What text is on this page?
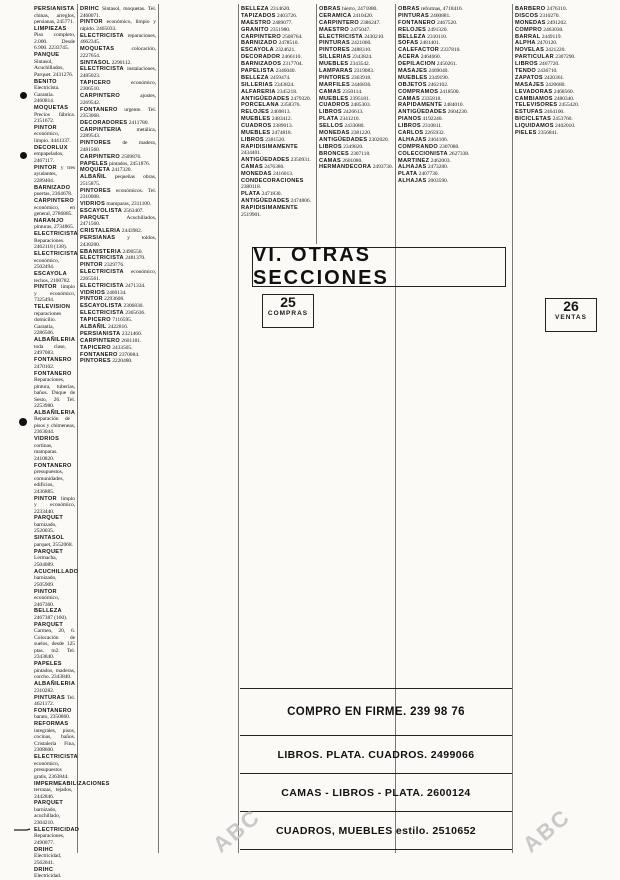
PERSIANISTA chinas, arreglos, persianas, 245771.

LIMPIEZAS Piso completo, 2.000. Desde 6.900. 2233745.

PANQUE Sintasol, Acuchillados, Parquet. 2431276.

BENITO Electricista. Garantía. 2460814.

MOQUETAS Precios fábrica. 2151672.

PINTOR económico, limpio. 4441337.

DECORLUX empapelados, 2467117.

PINTOR y tres ayudantes, 2289404.

BARNIZADO puertas, 2364678.

CARPINTERO económico, en general, 2786885.

NARANJO pinturas, 2734865.

ELECTRICISTA Reparaciones. 2462118 (138).

ELECTRICISTA económico, 2502494.

ESCAYOLA techos, 2100782.

PINTOR limpio y económico, 7325494.

TELEVISION reparaciones domicilio. Garantía, 2286506.

ALBAÑILERIA toda clase, 2497083.

FONTANERO 2470102.

FONTANERO Reparaciones, pintura, tuberías, baños. Duque de Sesto, 26. Tel. 2253980.

ALBAÑILERIA Reparación de pisos y chimeneas, 2363044.

VIDRIOS cortinas, mamparas. 2410820.

FONTANERO presupuestos, comunidades, edificios, 2436885.

PINTOR limpio y económico, 2233440.

PARQUET barnizado, 2520035.

SINTASOL parquet, 2552068.

PARQUET Lermacha, 2504089.

ACUCHILLADO barnizado, 2505909.

PINTOR económico, 2467360.

BELLEZA 2467387 (160).

PARQUET Carmen, 20, 6. Colocación de suelos, desde 125 ptas. m2. Tel. 2343840.

PAPELES pintados, maderas, corcho. 2343840.

ALBAÑILERIA 2310282.

PINTURAS Tel. 4621172.

FONTANERO barato, 2350860.

REFORMAS integrales, pisos, cocinas, baños. Cristalería Fina, 2308600.

ELECTRICISTA económico, presupuestos gratis, 2363844.

IMPERMEABILIZACIONES terrazas, tejados, 2442846.

PARQUET barnizado, acuchillado, 2304210.

ELECTRICIDAD Reparaciones, 2490077.

DRIHC Electricidad, 2562041.

DRIHC Electricidad.

DRIHC Sintasol, moquetas. Tel. 2460071.

PINTOR económico, limpio y rápido. 2465033.

ELECTRICISTA reparaciones, 4662345.

MOQUETAS colocación, 2227654.

SINTASOL 2290112.

ELECTRICISTA instalaciones, 2485023.

TAPICERO económico, 2306510.

CARPINTERO ajustes, 2269542.

FONTANERO urgente. Tel. 2353068.

DECORADORES 2411780.

CARPINTERIA metálica, 2289543.

PINTORES de madera, 2481560.

CARPINTERO 2509876.

PAPELES pintados, 2451876.

MOQUETA 2417320.

ALBAÑIL pequeñas obras, 2515875.

PINTORES económicos. Tel. 2310008.

VIDRIOS mamparas, 2311100.

ESCAYOLISTA 2563407.

PARQUET Acuchillados, 2471560.

CRISTALERIA 2443982.

PERSIANAS y toldos, 2438200.

EBANISTERIA 2490550.

ELECTRICISTA 2481370.

PINTOR 2329776.

ELECTRICISTA económico, 2265561.

ELECTRICISTA 2471334.

VIDRIOS 2460134.

PINTOR 2293608.

ESCAYOLISTA 2306830.

ELECTRICISTA 2365636.

TAPICERO 7116595.

ALBAÑIL 2422816.

PERSIANISTA 2321460.

CARPINTERO 2601181.

TAPICERO 2433505.

FONTANERO 2370084.

PINTORES 2220480.

BELLEZA 2314620.

TAPIZADOS 2403726.

MAESTRO 2489077.

GRANITO 2351980.

CARPINTERO 2508764.

BARNIZADO 2478510.

ESCAYOLA 2324621.

DECORADOR 2466110.

BARNIZADOS 2317704.

PAPELISTA 2346040.

BELLEZA 2459474.

SILLERIAS 2343824.

ALFARERIA 2345218.

ANTIGÜEDADES 2479320.

PORCELANA 2358376.

RELOJES 2469813.

MUEBLES 2483412.

CUADROS 2389013.

MUEBLES 2474818.

LIBROS 2381520.

RAPIDISIMAMENTE 2434401.

ANTIGÜEDADES 2350931.

CAMAS 2476380.

MONEDAS 2416013.

CONDECORACIONES 2380118.

PLATA 2471830.

ANTIGÜEDADES 2474806.

RAPIDISIMAMENTE 2519901.

OBRAS hierro, 2471880.

CERAMICA 2410420.

CARPINTERO 2386247.

MAESTRO 2475047.

ELECTRICISTA 2430210.

PINTURAS 2421060.

PINTORES 2488310.

SILLERIAS 2343824.

MUEBLES 2343542.

LAMPARAS 2319083.

PINTORES 2363918.

MARFILES 2446836.

CAMAS 2350114.

MUEBLES 2395181.

CUADROS 2485303.

LIBROS 2426613.

PLATA 2341210.

SELLOS 2433080.

MONEDAS 2381220.

ANTIGÜEDADES 2302020.

LIBROS 2349820.

BRONCES 2307118.

CAMAS 2601080.

HERMANDECORA 2493730.

OBRAS reformas, 4718416.

PINTURAS 2460881.

FONTANERO 2467520.

RELOJES 2491320.

BELLEZA 2310110.

SOFAS 2481401.

CALEFACTOR 2337810.

ACERA 2464660.

DEPILACION 2450261.

MASAJES 2469040.

MUEBLES 2349190.

OBJETOS 2462102.

COMPRAMOS 2418500.

CAMAS 2335818.

RAPIDAMENTE 2484010.

ANTIGÜEDADES 2604230.

PIANOS 4192240.

LIBROS 2310811.

CARLOS 2265932.

ALHAJAS 2464106.

COMPRANDO 2307080.

COLECCIONISTA 2627338.

MARTINEZ 2462003.

ALHAJAS 2473280.

PLATA 2407730.

ALHAJAS 2003590.

BARBERO 2476310.

DISCOS 2310270.

MONEDAS 2491202.

COMPRO 2463030.

BARRAL 2449119.

ALPHA 2470120.

NOVELAS 2421220.

PARTICULAR 2307290.

LIBROS 2467720.

TENDO 2436710.

ZAPATOS 2420361.

MASAJES 2420680.

LEVADORAS 2468560.

CAMBIAMOS 2480340.

TELEVISORES 2455420.

ESTUFAS 2464100.

BICICLETAS 2453760.

LIQUIDAMOS 2402010.

PIELES 2356841.

VI. OTRAS SECCIONES
25
COMPRAS	26
VENTAS
COMPRO EN FIRME. 239 98 76
LIBROS. PLATA. CUADROS. 2499066
CAMAS - LIBROS - PLATA. 2600124
CUADROS, MUEBLES estilo. 2510652
ABC	ABC
